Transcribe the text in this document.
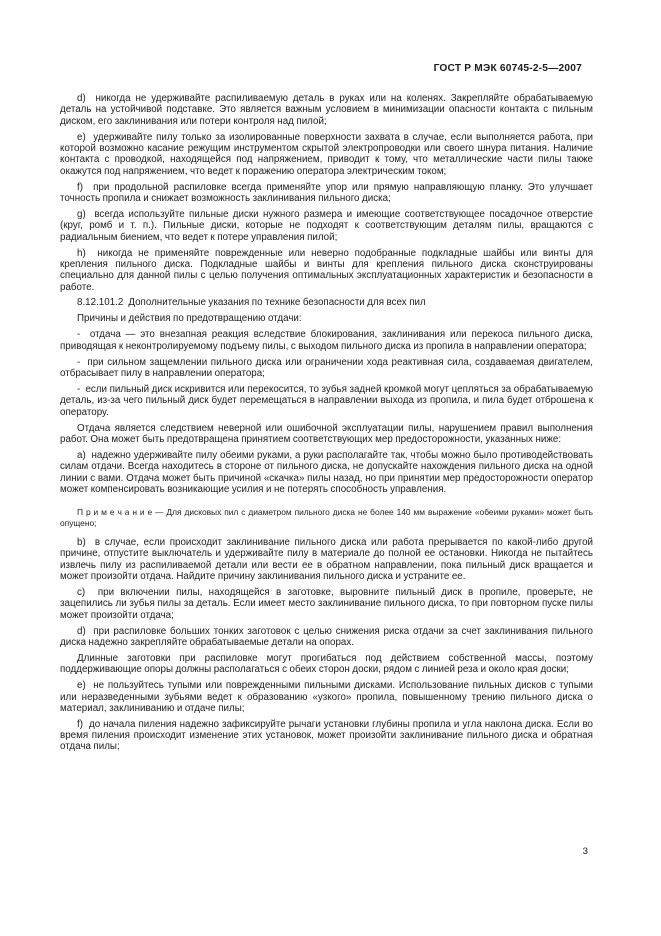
ГОСТ Р МЭК 60745-2-5—2007

d)  никогда не удерживайте распиливаемую деталь в руках или на коленях. Закрепляйте обрабатываемую деталь на устойчивой подставке. Это является важным условием в минимизации опасности контакта с пильным диском, его заклинивания или потери контроля над пилой;

e)  удерживайте пилу только за изолированные поверхности захвата в случае, если выполняется работа, при которой возможно касание режущим инструментом скрытой электропроводки или своего шнура питания. Наличие контакта с проводкой, находящейся под напряжением, приводит к тому, что металлические части пилы также окажутся под напряжением, что ведет к поражению оператора электрическим током;

f)  при продольной распиловке всегда применяйте упор или прямую направляющую планку. Это улучшает точность пропила и снижает возможность заклинивания пильного диска;

g)  всегда используйте пильные диски нужного размера и имеющие соответствующее посадочное отверстие (круг, ромб и т. п.). Пильные диски, которые не подходят к соответствующим деталям пилы, вращаются с радиальным биением, что ведет к потере управления пилой;

h)  никогда не применяйте поврежденные или неверно подобранные подкладные шайбы или винты для крепления пильного диска. Подкладные шайбы и винты для крепления пильного диска сконструированы специально для данной пилы с целью получения оптимальных эксплуатационных характеристик и безопасности в работе.

8.12.101.2  Дополнительные указания по технике безопасности для всех пил

Причины и действия по предотвращению отдачи:

-  отдача — это внезапная реакция вследствие блокирования, заклинивания или перекоса пильного диска, приводящая к неконтролируемому подъему пилы, с выходом пильного диска из пропила в направлении оператора;

-  при сильном защемлении пильного диска или ограничении хода реактивная сила, создаваемая двигателем, отбрасывает пилу в направлении оператора;

-  если пильный диск искривится или перекосится, то зубья задней кромкой могут цепляться за обрабатываемую деталь, из-за чего пильный диск будет перемещаться в направлении выхода из пропила, и пила будет отброшена к оператору.

Отдача является следствием неверной или ошибочной эксплуатации пилы, нарушением правил выполнения работ. Она может быть предотвращена принятием соответствующих мер предосторожности, указанных ниже:

a)  надежно удерживайте пилу обеими руками, а руки располагайте так, чтобы можно было противодействовать силам отдачи. Всегда находитесь в стороне от пильного диска, не допускайте нахождения пильного диска на одной линии с вами. Отдача может быть причиной «скачка» пилы назад, но при принятии мер предосторожности оператор может компенсировать возникающие усилия и не потерять способность управления.

П р и м е ч а н и е — Для дисковых пил с диаметром пильного диска не более 140 мм выражение «обеими руками» может быть опущено;

b)  в случае, если происходит заклинивание пильного диска или работа прерывается по какой-либо другой причине, отпустите выключатель и удерживайте пилу в материале до полной ее остановки. Никогда не пытайтесь извлечь пилу из распиливаемой детали или вести ее в обратном направлении, пока пильный диск вращается и может произойти отдача. Найдите причину заклинивания пильного диска и устраните ее.

c)  при включении пилы, находящейся в заготовке, выровните пильный диск в пропиле, проверьте, не зацепились ли зубья пилы за деталь. Если имеет место заклинивание пильного диска, то при повторном пуске пилы может произойти отдача;

d)  при распиловке больших тонких заготовок с целью снижения риска отдачи за счет заклинивания пильного диска надежно закрепляйте обрабатываемые детали на опорах.

Длинные заготовки при распиловке могут прогибаться под действием собственной массы, поэтому поддерживающие опоры должны располагаться с обеих сторон доски, рядом с линией реза и около края доски;

e)  не пользуйтесь тупыми или поврежденными пильными дисками. Использование пильных дисков с тупыми или неразведенными зубьями ведет к образованию «узкого» пропила, повышенному трению пильного диска о материал, заклиниванию и отдаче пилы;

f)  до начала пиления надежно зафиксируйте рычаги установки глубины пропила и угла наклона диска. Если во время пиления происходит изменение этих установок, может произойти заклинивание пильного диска и обратная отдача пилы;

3
